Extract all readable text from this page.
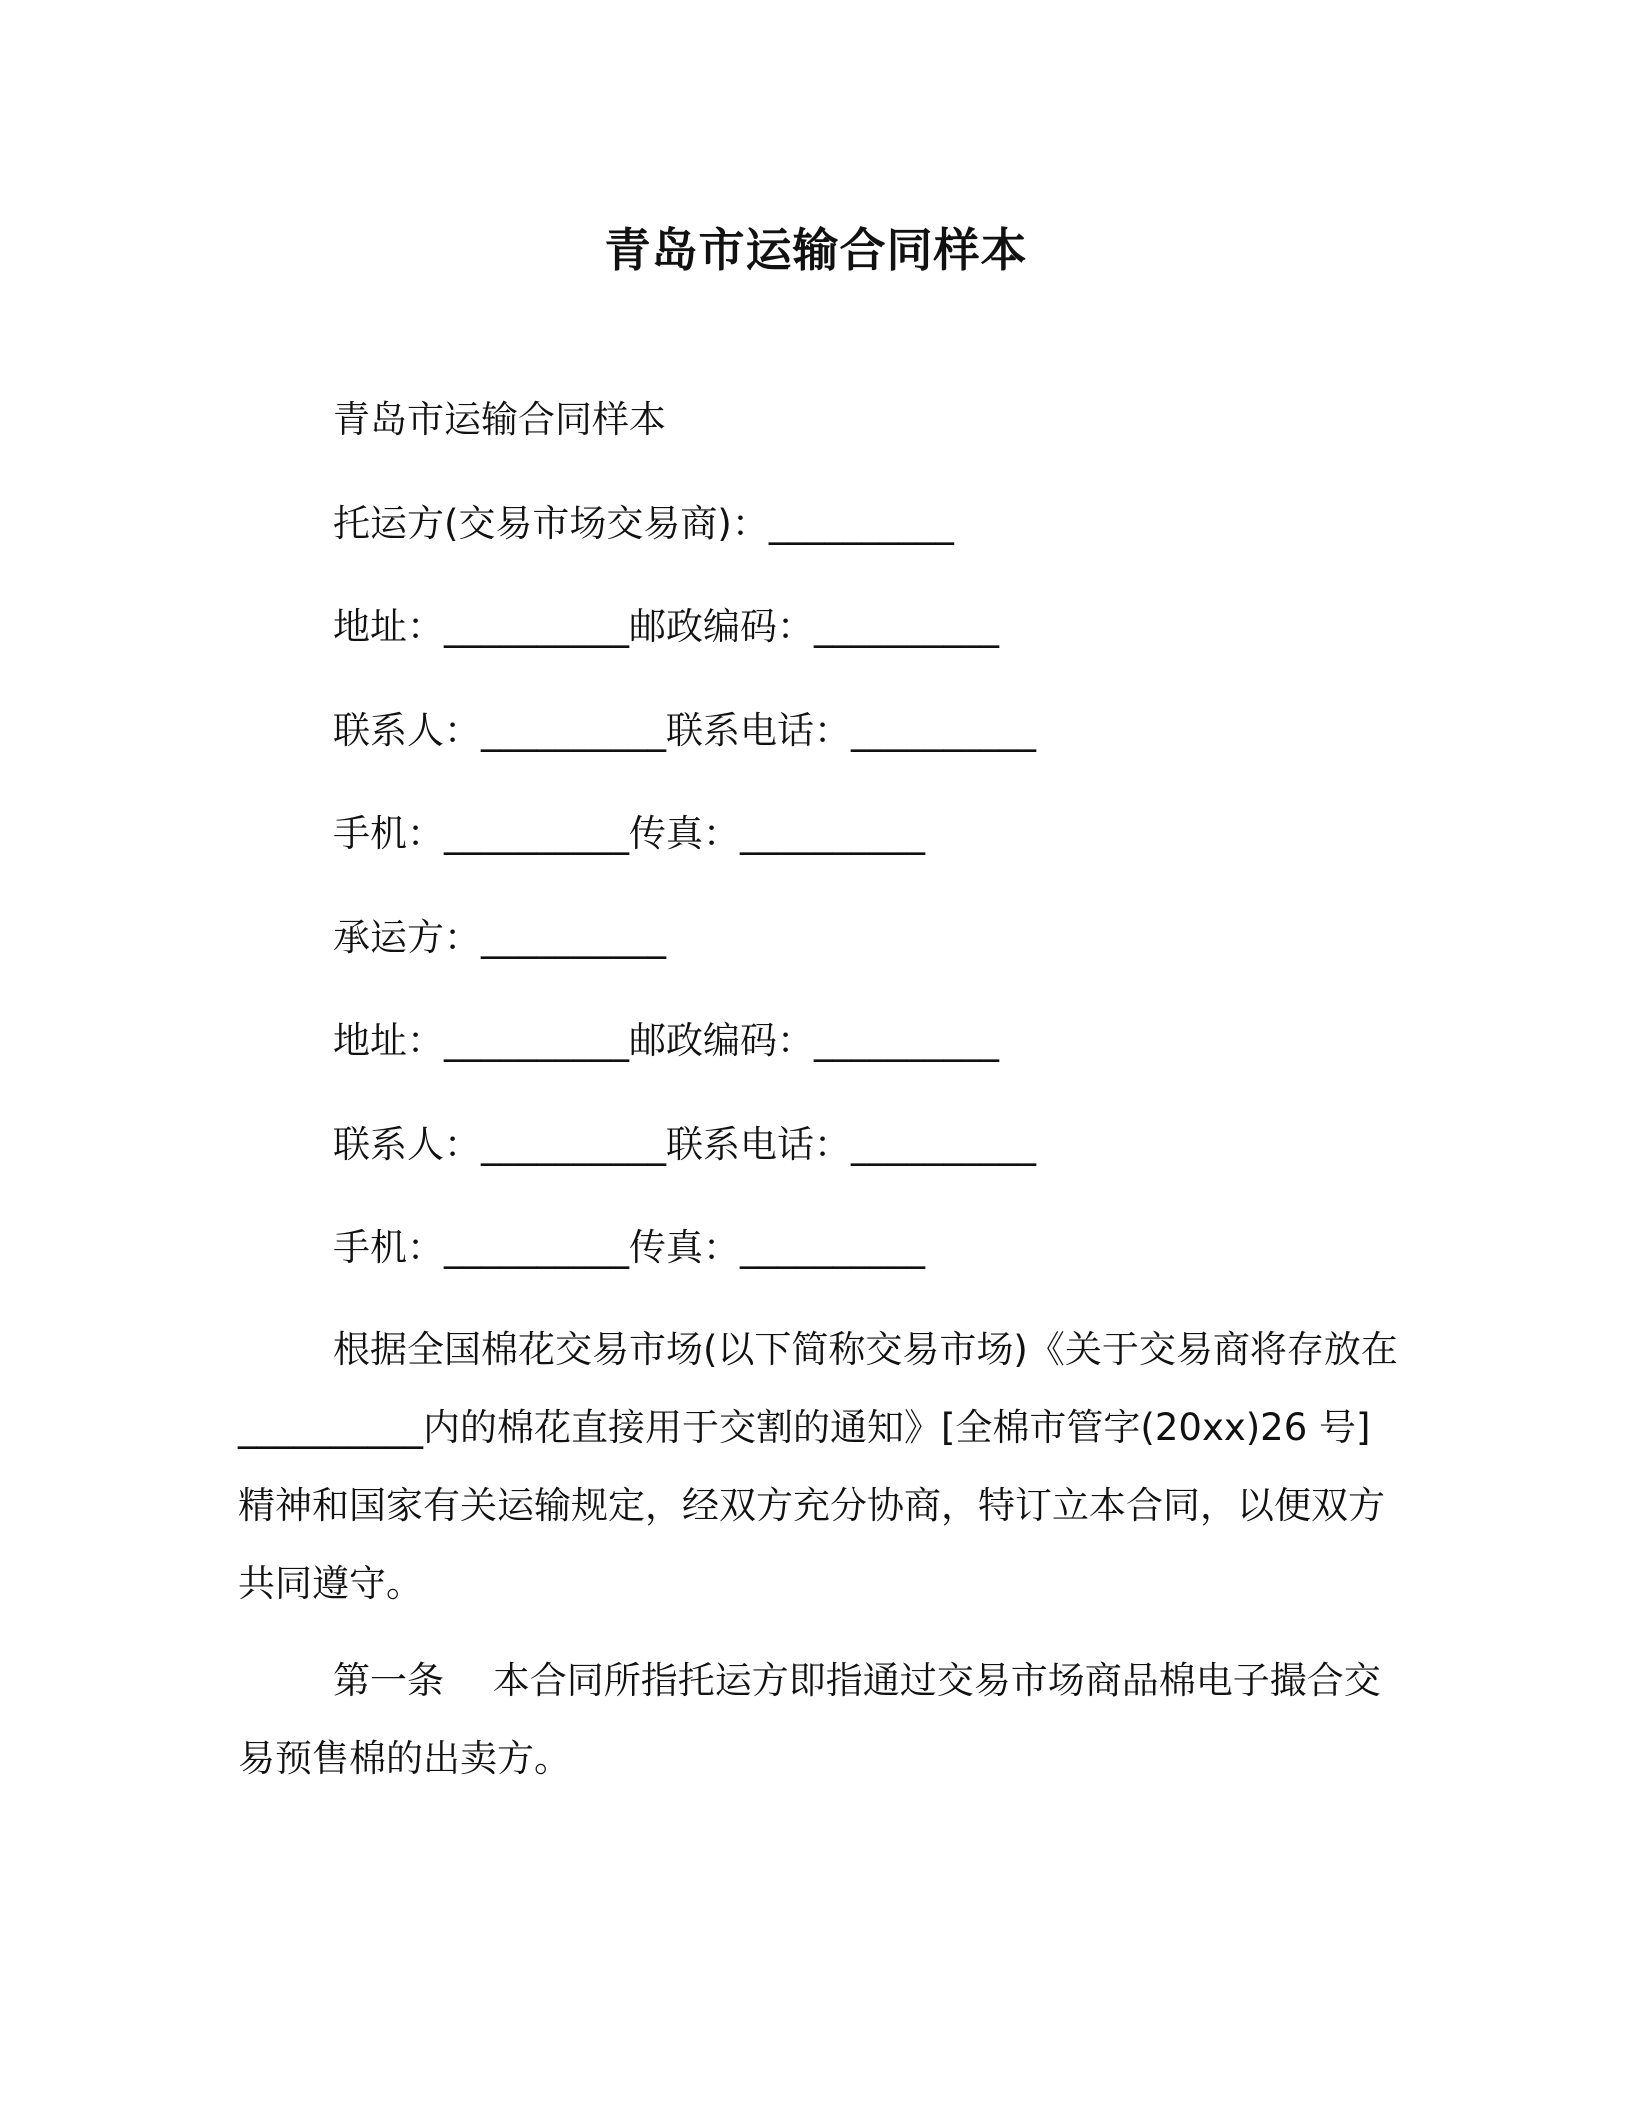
青岛市运输合同样本

青岛市运输合同样本

托运方(交易市场交易商)：__________

地址：__________邮政编码：__________

联系人：__________联系电话：__________

手机：__________传真：__________

承运方：__________

地址：__________邮政编码：__________

联系人：__________联系电话：__________

手机：__________传真：__________

根据全国棉花交易市场(以下简称交易市场)《关于交易商将存放在__________内的棉花直接用于交割的通知》[全棉市管字(20xx)26 号]精神和国家有关运输规定，经双方充分协商，特订立本合同，以便双方共同遵守。

第一条　 本合同所指托运方即指通过交易市场商品棉电子撮合交易预售棉的出卖方。
